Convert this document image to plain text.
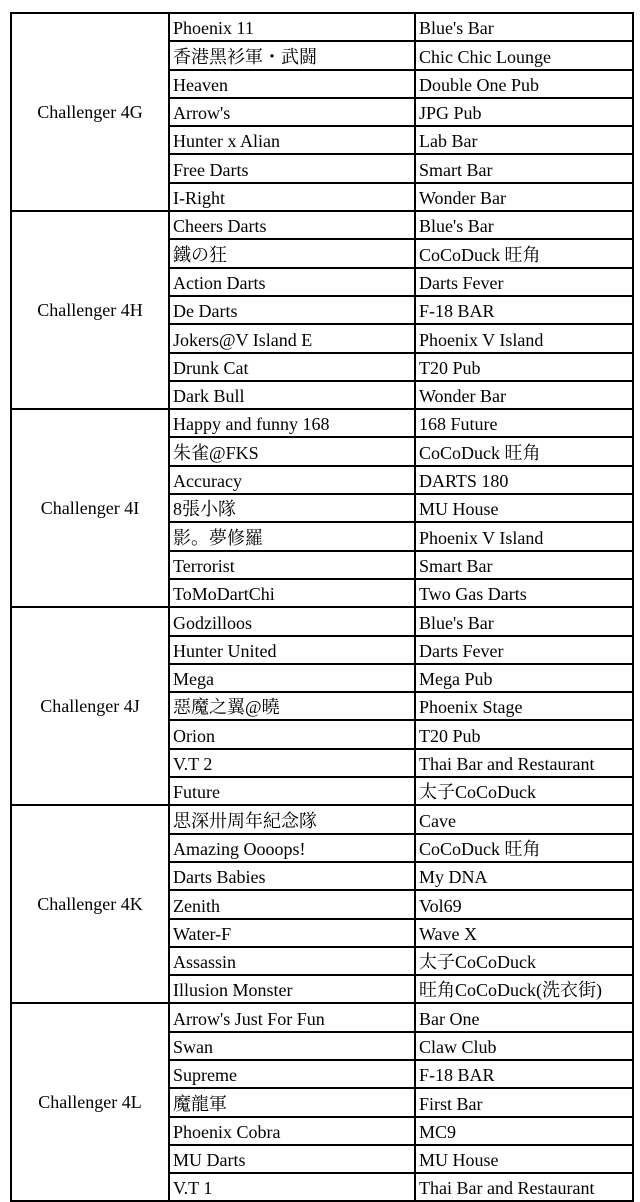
Challenger 4G	Phoenix 11	Blue's Bar
	香港黑衫軍・武闘	Chic Chic Lounge
	Heaven	Double One Pub
	Arrow's	JPG Pub
	Hunter x Alian	Lab Bar
	Free Darts	Smart Bar
	I-Right	Wonder Bar
Challenger 4H	Cheers Darts	Blue's Bar
	鐵の狂	CoCoDuck 旺角
	Action Darts	Darts Fever
	De Darts	F-18 BAR
	Jokers@V Island E	Phoenix V Island
	Drunk Cat	T20 Pub
	Dark Bull	Wonder Bar
Challenger 4I	Happy and funny 168	168 Future
	朱雀@FKS	CoCoDuck 旺角
	Accuracy	DARTS 180
	8張小隊	MU House
	影。夢修羅	Phoenix V Island
	Terrorist	Smart Bar
	ToMoDartChi	Two Gas Darts
Challenger 4J	Godzilloos	Blue's Bar
	Hunter United	Darts Fever
	Mega	Mega Pub
	惡魔之翼@曉	Phoenix Stage
	Orion	T20 Pub
	V.T 2	Thai Bar and Restaurant
	Future	太子CoCoDuck
Challenger 4K	思深卅周年紀念隊	Cave
	Amazing Oooops!	CoCoDuck 旺角
	Darts Babies	My DNA
	Zenith	Vol69
	Water-F	Wave X
	Assassin	太子CoCoDuck
	Illusion Monster	旺角CoCoDuck(洗衣街)
Challenger 4L	Arrow's Just For Fun	Bar One
	Swan	Claw Club
	Supreme	F-18 BAR
	魔龍軍	First Bar
	Phoenix Cobra	MC9
	MU Darts	MU House
	V.T 1	Thai Bar and Restaurant
